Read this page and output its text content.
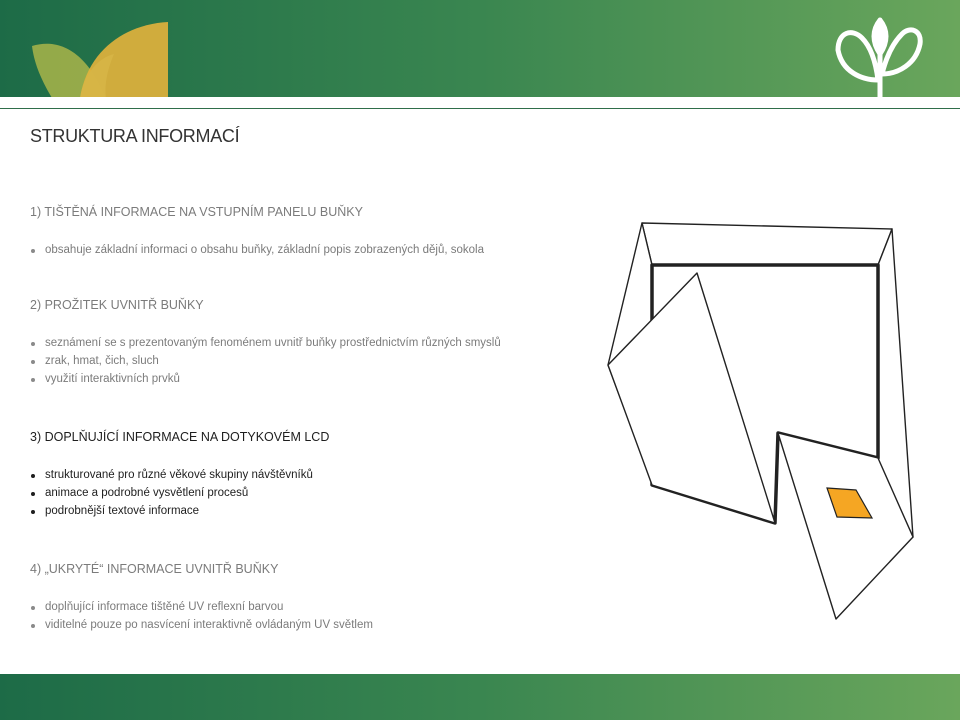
STRUKTURA INFORMACÍ
1) TIŠTĚNÁ INFORMACE NA VSTUPNÍM PANELU BUŇKY
obsahuje základní informaci o obsahu buňky, základní popis zobrazených dějů, sokola
2) PROŽITEK UVNITŘ BUŇKY
seznámení se s prezentovaným fenoménem uvnitř buňky prostřednictvím různých smyslů
zrak, hmat, čich, sluch
využití interaktivních prvků
3) DOPLŇUJÍCÍ INFORMACE NA DOTYKOVÉM LCD
strukturované pro různé věkové skupiny návštěvníků
animace a podrobné vysvětlení procesů
podrobnější textové informace
4) „UKRYTÉ“ INFORMACE UVNITŘ BUŇKY
doplňující informace tištěné UV reflexní barvou
viditelné pouze po nasvícení interaktivně ovládaným UV světlem
